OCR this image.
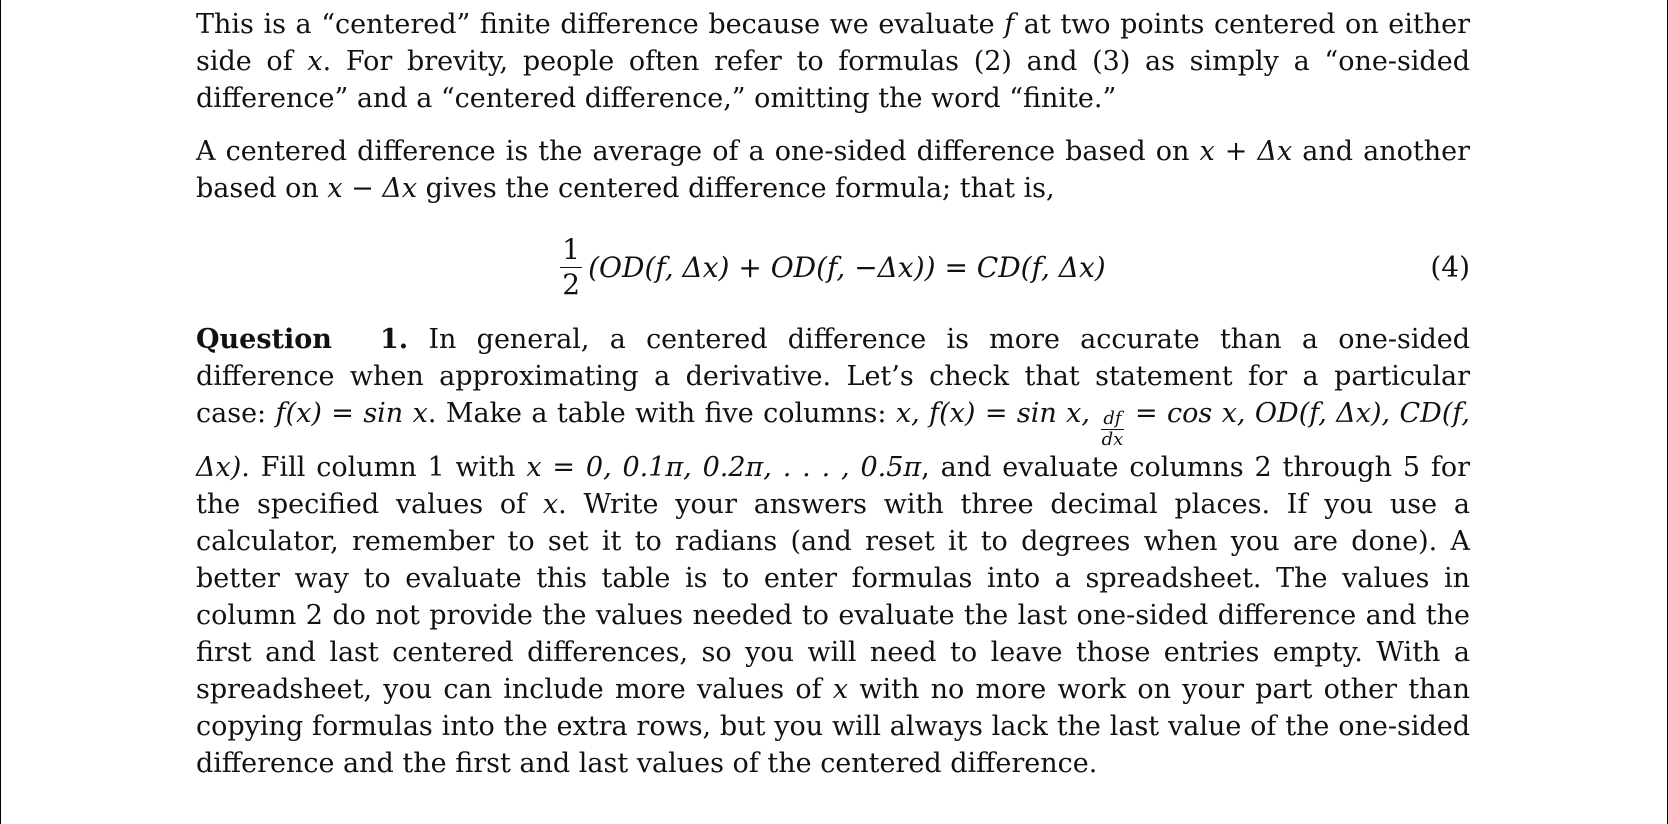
This is a “centered” finite difference because we evaluate f at two points centered on either side of x. For brevity, people often refer to formulas (2) and (3) as simply a “one-sided difference” and a “centered difference,” omitting the word “finite.”

A centered difference is the average of a one-sided difference based on x + Δx and another based on x − Δx gives the centered difference formula; that is,

$\frac{1}{2} (OD(f$, Δx) + OD(f, −Δx)) = CD(f, Δx)	(4)

Question  1. In general, a centered difference is more accurate than a one-sided difference when approximating a derivative. Let’s check that statement for a particular case: f(x) = sin x. Make a table with five columns: x, f(x) = sin x, $\frac{df}{dx} = \cos x$, OD(f, Δx), CD(f, Δx). Fill column 1 with x = 0, 0.1π, 0.2π, . . . , 0.5π, and evaluate columns 2 through 5 for the specified values of x. Write your answers with three decimal places. If you use a calculator, remember to set it to radians (and reset it to degrees when you are done). A better way to evaluate this table is to enter formulas into a spreadsheet. The values in column 2 do not provide the values needed to evaluate the last one-sided difference and the first and last centered differences, so you will need to leave those entries empty. With a spreadsheet, you can include more values of x with no more work on your part other than copying formulas into the extra rows, but you will always lack the last value of the one-sided difference and the first and last values of the centered difference.
